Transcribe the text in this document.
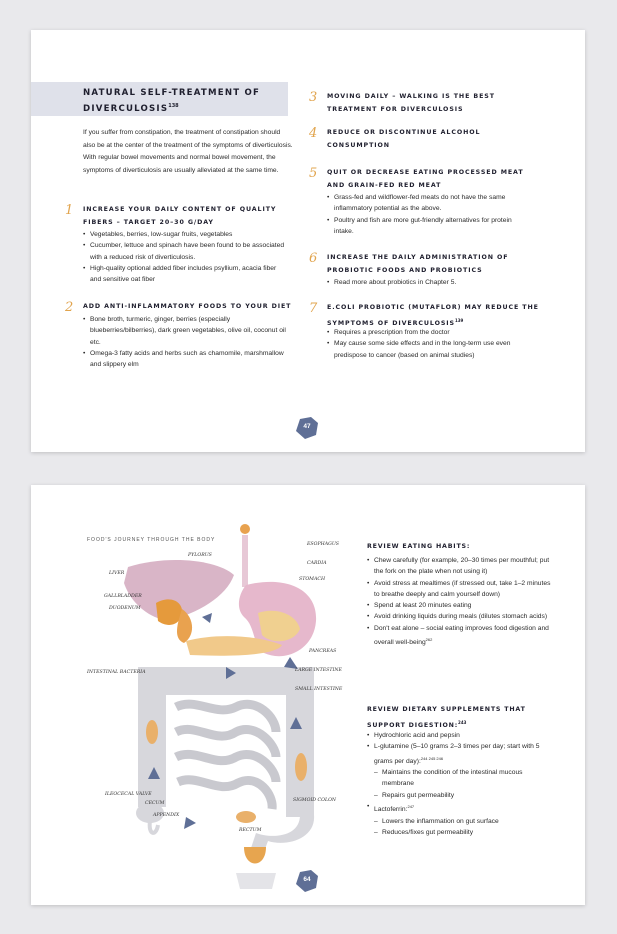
NATURAL SELF-TREATMENT OF
DIVERCULOSIS$^{138}$
If you suffer from constipation, the treatment of constipation should also be at the center of the treatment of the symptoms of diverticulosis. With regular bowel movements and normal bowel movement, the symptoms of diverticulosis are usually alleviated at the same time.
1 INCREASE YOUR DAILY CONTENT OF QUALITY
FIBERS – TARGET 20–30 G/DAY
• Vegetables, berries, low-sugar fruits, vegetables
• Cucumber, lettuce and spinach have been found to be associated with a reduced risk of diverticulosis.
• High-quality optional added fiber includes psyllium, acacia fiber and sensitive oat fiber
2 ADD ANTI-INFLAMMATORY FOODS TO YOUR DIET
• Bone broth, turmeric, ginger, berries (especially blueberries/bilberries), dark green vegetables, olive oil, coconut oil etc.
• Omega-3 fatty acids and herbs such as chamomile, marshmallow and slippery elm
3 MOVING DAILY – WALKING IS THE BEST
TREATMENT FOR DIVERCULOSIS
4 REDUCE OR DISCONTINUE ALCOHOL
CONSUMPTION
5 QUIT OR DECREASE EATING PROCESSED MEAT
AND GRAIN-FED RED MEAT
• Grass-fed and wildflower-fed meats do not have the same inflammatory potential as the above.
• Poultry and fish are more gut-friendly alternatives for protein intake.
6 INCREASE THE DAILY ADMINISTRATION OF
PROBIOTIC FOODS AND PROBIOTICS
• Read more about probiotics in Chapter 5.
7 E.COLI PROBIOTIC (MUTAFLOR) MAY REDUCE THE
SYMPTOMS OF DIVERCULOSIS$^{139}$
• Requires a prescription from the doctor
• May cause some side effects and in the long-term use even predispose to cancer (based on animal studies)
47
FOOD'S JOURNEY THROUGH THE BODY
ESOPHAGUS
PYLORUS
CARDIA
STOMACH
LIVER
GALLBLADDER
DUODENUM
PANCREAS
LARGE INTESTINE
SMALL INTESTINE
INTESTINAL BACTERIA
ILEOCECAL VALVE
CECUM
APPENDIX
SIGMOID COLON
RECTUM
REVIEW EATING HABITS:
• Chew carefully (for example, 20–30 times per mouthful; put the fork on the plate when not using it)
• Avoid stress at mealtimes (if stressed out, take 1–2 minutes to breathe deeply and calm yourself down)
• Spend at least 20 minutes eating
• Avoid drinking liquids during meals (dilutes stomach acids)
• Don't eat alone – social eating improves food digestion and overall well-being$^{262}$
REVIEW DIETARY SUPPLEMENTS THAT
SUPPORT DIGESTION:$^{243}$
• Hydrochloric acid and pepsin
• L-glutamine (5–10 grams 2–3 times per day; start with 5 grams per day):$^{244 245 246}$
– Maintains the condition of the intestinal mucous membrane
– Repairs gut permeability
• Lactoferrin:$^{247}$
– Lowers the inflammation on gut surface
– Reduces/fixes gut permeability
64
